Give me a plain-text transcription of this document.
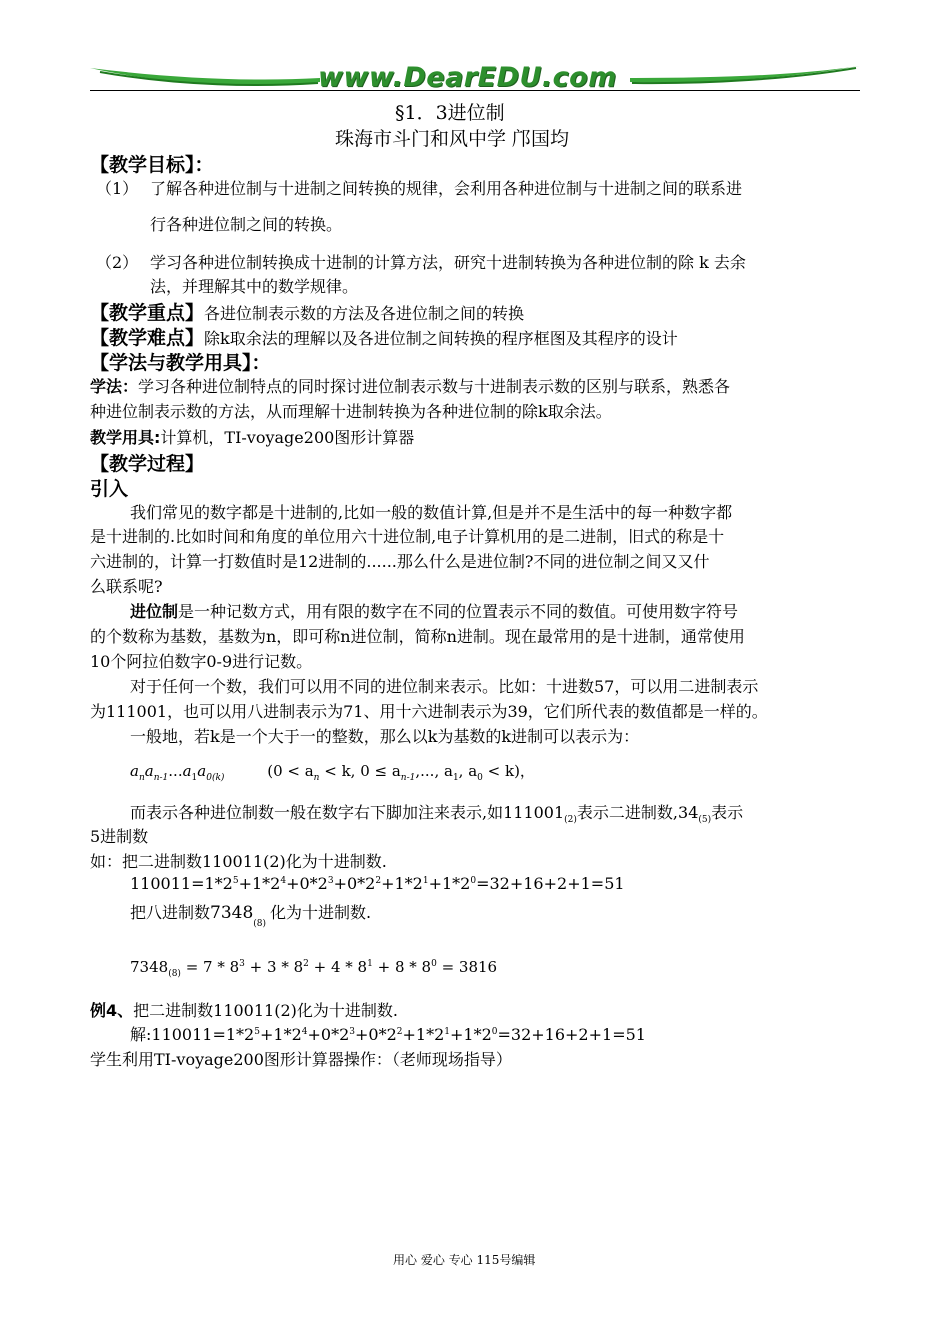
www.DearEDU.com
§1．3进位制
珠海市斗门和风中学 邝国均
【教学目标】：
（1） 了解各种进位制与十进制之间转换的规律，会利用各种进位制与十进制之间的联系进
行各种进位制之间的转换。
（2） 学习各种进位制转换成十进制的计算方法，研究十进制转换为各种进位制的除 k 去余
法，并理解其中的数学规律。
【教学重点】各进位制表示数的方法及各进位制之间的转换
【教学难点】除k取余法的理解以及各进位制之间转换的程序框图及其程序的设计
【学法与教学用具】：
学法：学习各种进位制特点的同时探讨进位制表示数与十进制表示数的区别与联系，熟悉各
种进位制表示数的方法，从而理解十进制转换为各种进位制的除k取余法。
教学用具:计算机，TI-voyage200图形计算器
【教学过程】
引入
我们常见的数字都是十进制的,比如一般的数值计算,但是并不是生活中的每一种数字都
是十进制的.比如时间和角度的单位用六十进位制,电子计算机用的是二进制，旧式的称是十
六进制的，计算一打数值时是12进制的......那么什么是进位制?不同的进位制之间又又什
么联系呢?
进位制是一种记数方式，用有限的数字在不同的位置表示不同的数值。可使用数字符号
的个数称为基数，基数为n，即可称n进位制，简称n进制。现在最常用的是十进制，通常使用
10个阿拉伯数字0-9进行记数。
对于任何一个数，我们可以用不同的进位制来表示。比如：十进数57，可以用二进制表示
为111001，也可以用八进制表示为71、用十六进制表示为39，它们所代表的数值都是一样的。
一般地，若k是一个大于一的整数，那么以k为基数的k进制可以表示为：
$a_na_{n-1}...a_1a_{0(k)}$	($0 < a_n < k$, $0 \le a_{n-1}$,..., $a_1$, $a_0 < k$)，
而表示各种进位制数一般在数字右下脚加注来表示,如$111001_{(2)}$表示二进制数$,34_{(5)}$表示
5进制数
如：把二进制数110011(2)化为十进制数.
$110011=1*2^5+1*2^4+0*2^3+0*2^2+1*2^1+1*2^0=32+16+2+1=51$
把八进制数$7348_{(8)}$化为十进制数.
$7348_{(8)} = 7 * 8^3 + 3 * 8^2 + 4 * 8^1 + 8 * 8^0 = 3816$
例4、把二进制数110011(2)化为十进制数.
解$:110011=1*2^5+1*2^4+0*2^3+0*2^2+1*2^1+1*2^0=32+16+2+1=51$
学生利用TI-voyage200图形计算器操作：（老师现场指导）
用心 爱心 专心 115号编辑
